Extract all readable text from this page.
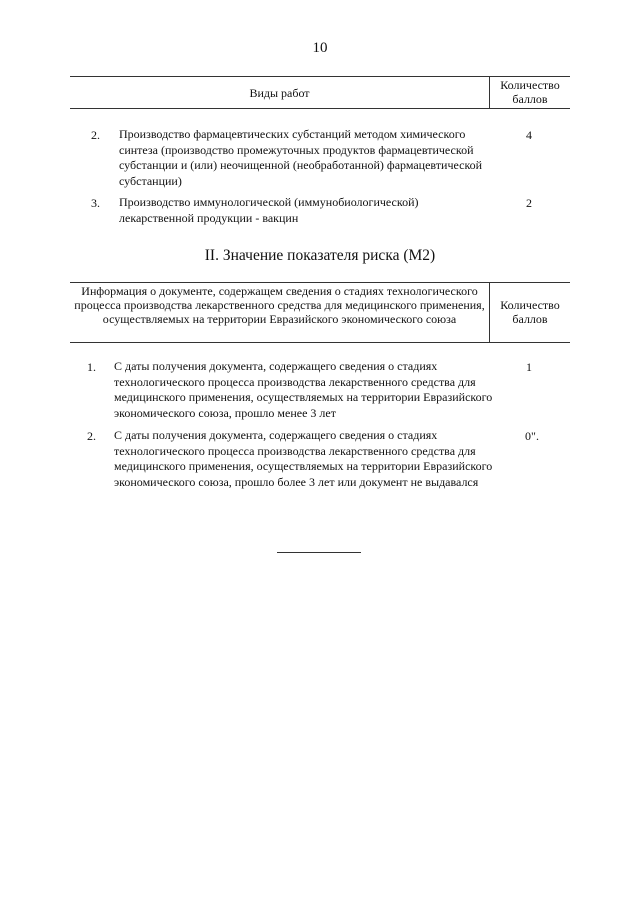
10
Виды работ
Количество баллов
2. Производство фармацевтических субстанций методом химического синтеза (производство промежуточных продуктов фармацевтической субстанции и (или) неочищенной (необработанной) фармацевтической субстанции)
4
3. Производство иммунологической (иммунобиологической) лекарственной продукции - вакцин
2
II. Значение показателя риска (М2)
Информация о документе, содержащем сведения о стадиях технологического процесса производства лекарственного средства для медицинского применения, осуществляемых на территории Евразийского экономического союза
Количество баллов
1. С даты получения документа, содержащего сведения о стадиях технологического процесса производства лекарственного средства для медицинского применения, осуществляемых на территории Евразийского экономического союза, прошло менее 3 лет
1
2. С даты получения документа, содержащего сведения о стадиях технологического процесса производства лекарственного средства для медицинского применения, осуществляемых на территории Евразийского экономического союза, прошло более 3 лет или документ не выдавался
0".
